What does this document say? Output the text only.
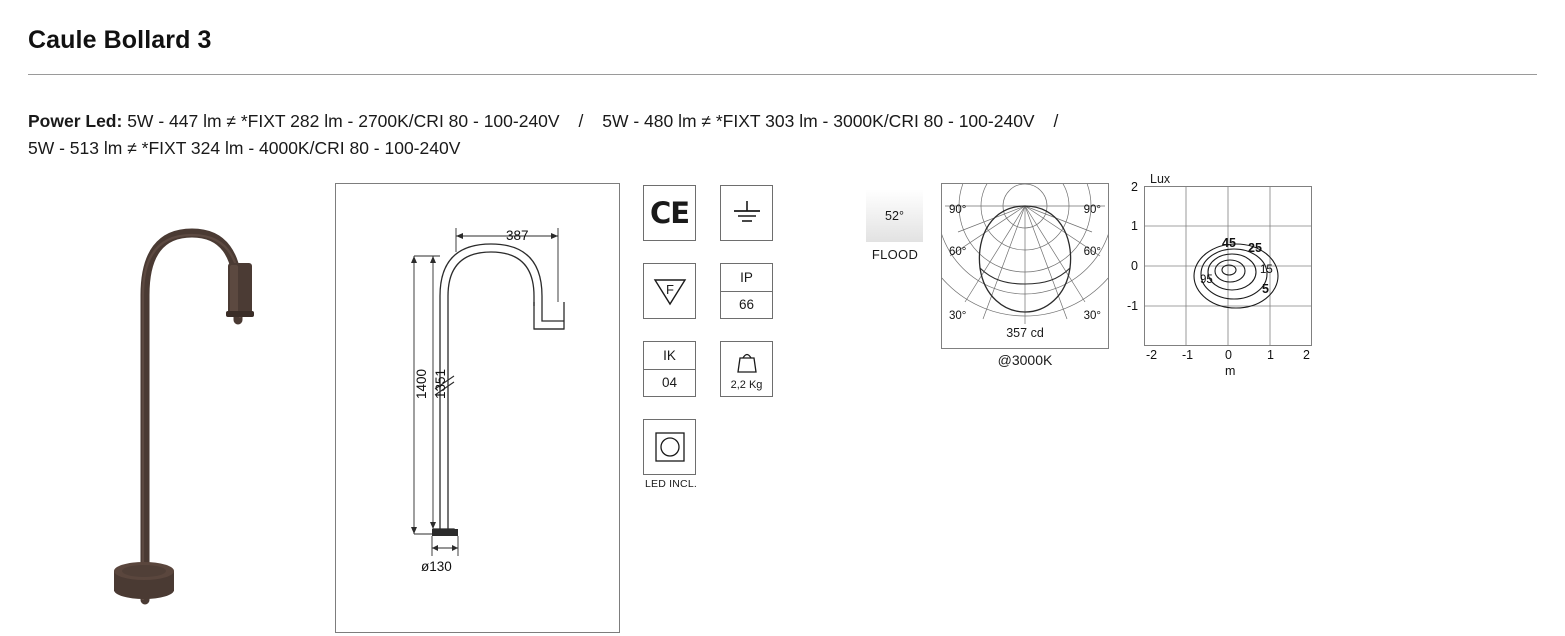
Caule Bollard 3
Power Led: 5W - 447 lm ≠ *FIXT 282 lm - 2700K/CRI 80 - 100-240V / 5W - 480 lm ≠ *FIXT 303 lm - 3000K/CRI 80 - 100-240V /
5W - 513 lm ≠ *FIXT 324 lm - 4000K/CRI 80 - 100-240V
387
1400 1351
ø130
CE
F
IP
66
IK
04	2,2 Kg
LED INCL.
52°
FLOOD
90°	90°
60°	60°
30°	30°
357 cd
@3000K
Lux
95
45 25
15
5
2
1
0
-1
-2 -1	0	1 2
m
